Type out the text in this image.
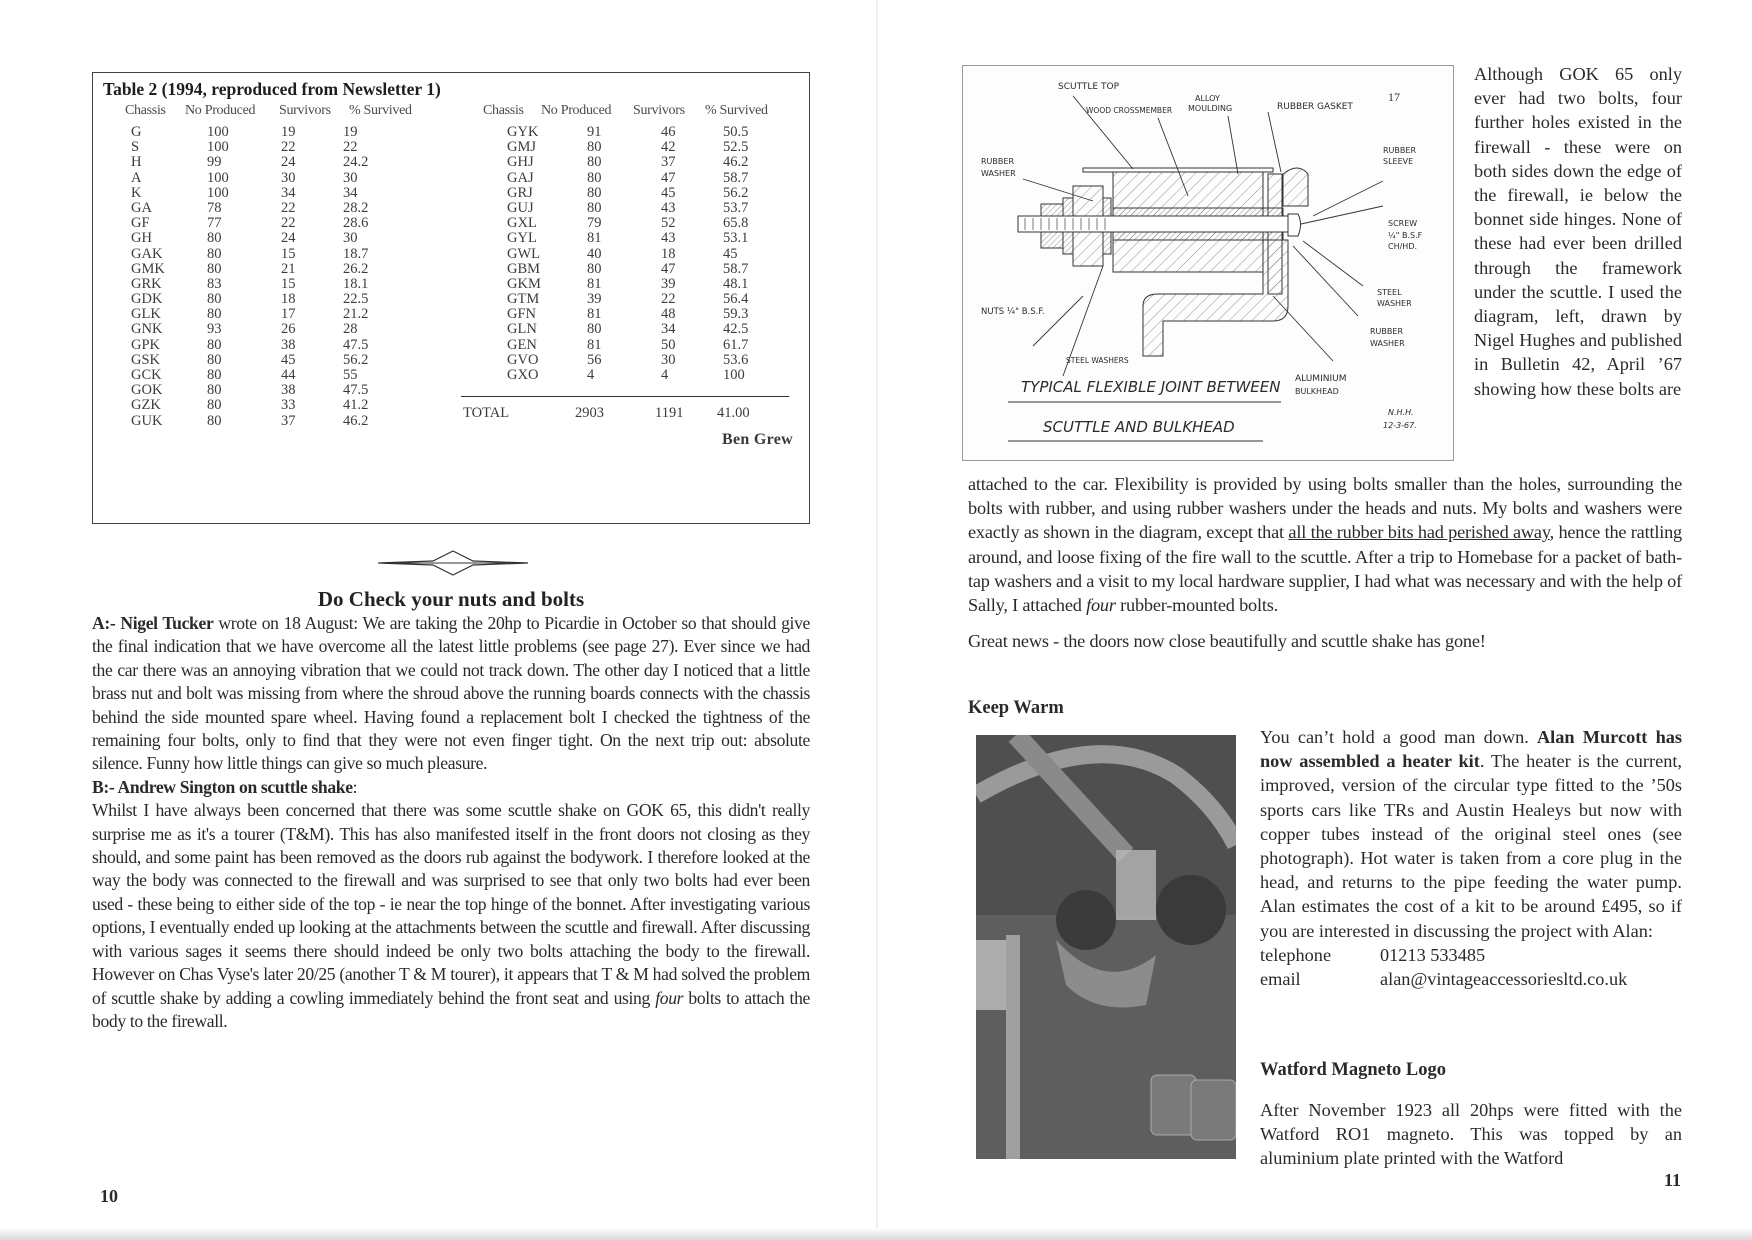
Table 2 (1994, reproduced from Newsletter 1)
Chassis	No Produced	Survivors	% Survived
G	100	19	19
S	100	22	22
H	99	24	24.2
A	100	30	30
K	100	34	34
GA	78	22	28.2
GF	77	22	28.6
GH	80	24	30
GAK	80	15	18.7
GMK	80	21	26.2
GRK	83	15	18.1
GDK	80	18	22.5
GLK	80	17	21.2
GNK	93	26	28
GPK	80	38	47.5
GSK	80	45	56.2
GCK	80	44	55
GOK	80	38	47.5
GZK	80	33	41.2
GUK	80	37	46.2
Chassis	No Produced	Survivors	% Survived
GYK	91	46	50.5
GMJ	80	42	52.5
GHJ	80	37	46.2
GAJ	80	47	58.7
GRJ	80	45	56.2
GUJ	80	43	53.7
GXL	79	52	65.8
GYL	81	43	53.1
GWL	40	18	45
GBM	80	47	58.7
GKM	81	39	48.1
GTM	39	22	56.4
GFN	81	48	59.3
GLN	80	34	42.5
GEN	81	50	61.7
GVO	56	30	53.6
GXO	4	4	100
TOTAL	2903	1191	41.00
Ben Grew
Do Check your nuts and bolts

A:- Nigel Tucker wrote on 18 August: We are taking the 20hp to Picardie in October so that should give the final indication that we have overcome all the latest little problems (see page 27). Ever since we had the car there was an annoying vibration that we could not track down. The other day I noticed that a little brass nut and bolt was missing from where the shroud above the running boards connects with the chassis behind the side mounted spare wheel. Having found a replacement bolt I checked the tightness of the remaining four bolts, only to find that they were not even finger tight. On the next trip out: absolute silence. Funny how little things can give so much pleasure.

B:- Andrew Sington on scuttle shake:

Whilst I have always been concerned that there was some scuttle shake on GOK 65, this didn't really surprise me as it's a tourer (T&M). This has also manifested itself in the front doors not closing as they should, and some paint has been removed as the doors rub against the bodywork. I therefore looked at the way the body was connected to the firewall and was surprised to see that only two bolts had ever been used - these being to either side of the top - ie near the top hinge of the bonnet. After investigating various options, I eventually ended up looking at the attachments between the scuttle and firewall. After discussing with various sages it seems there should indeed be only two bolts attaching the body to the firewall. However on Chas Vyse's later 20/25 (another T & M tourer), it appears that T & M had solved the problem of scuttle shake by adding a cowling immediately behind the front seat and using four bolts to attach the body to the firewall.

10
SCUTTLE TOP
ALLOY
MOULDING
WOOD CROSSMEMBER	RUBBER GASKET
17
RUBBER
WASHER
RUBBER
SLEEVE
SCREW
¼" B.S.F
CH/HD.
NUTS ¼" B.S.F.
STEEL
WASHER
RUBBER
WASHER
STEEL WASHERS
ALUMINIUM
BULKHEAD
TYPICAL FLEXIBLE JOINT BETWEEN
SCUTTLE AND BULKHEAD
N.H.H.
12-3-67.
Although GOK 65 only ever had two bolts, four further holes existed in the firewall - these were on both sides down the edge of the firewall, ie below the bonnet side hinges. None of these had ever been drilled through the framework under the scuttle. I used the diagram, left, drawn by Nigel Hughes and published in Bulletin 42, April ’67 showing how these bolts are

attached to the car. Flexibility is provided by using bolts smaller than the holes, surrounding the bolts with rubber, and using rubber washers under the heads and nuts. My bolts and washers were exactly as shown in the diagram, except that all the rubber bits had perished away, hence the rattling around, and loose fixing of the fire wall to the scuttle. After a trip to Homebase for a packet of bath-tap washers and a visit to my local hardware supplier, I had what was necessary and with the help of Sally, I attached four rubber-mounted bolts.

Great news - the doors now close beautifully and scuttle shake has gone!

Keep Warm
You can’t hold a good man down. Alan Murcott has now assembled a heater kit. The heater is the current, improved, version of the circular type fitted to the ’50s sports cars like TRs and Austin Healeys but now with copper tubes instead of the original steel ones (see photograph). Hot water is taken from a core plug in the head, and returns to the pipe feeding the water pump. Alan estimates the cost of a kit to be around £495, so if you are interested in discussing the project with Alan:
telephone	01213 533485
email	alan@vintageaccessoriesltd.co.uk
Watford Magneto Logo
After November 1923 all 20hps were fitted with the Watford RO1 magneto. This was topped by an aluminium plate printed with the Watford
11
